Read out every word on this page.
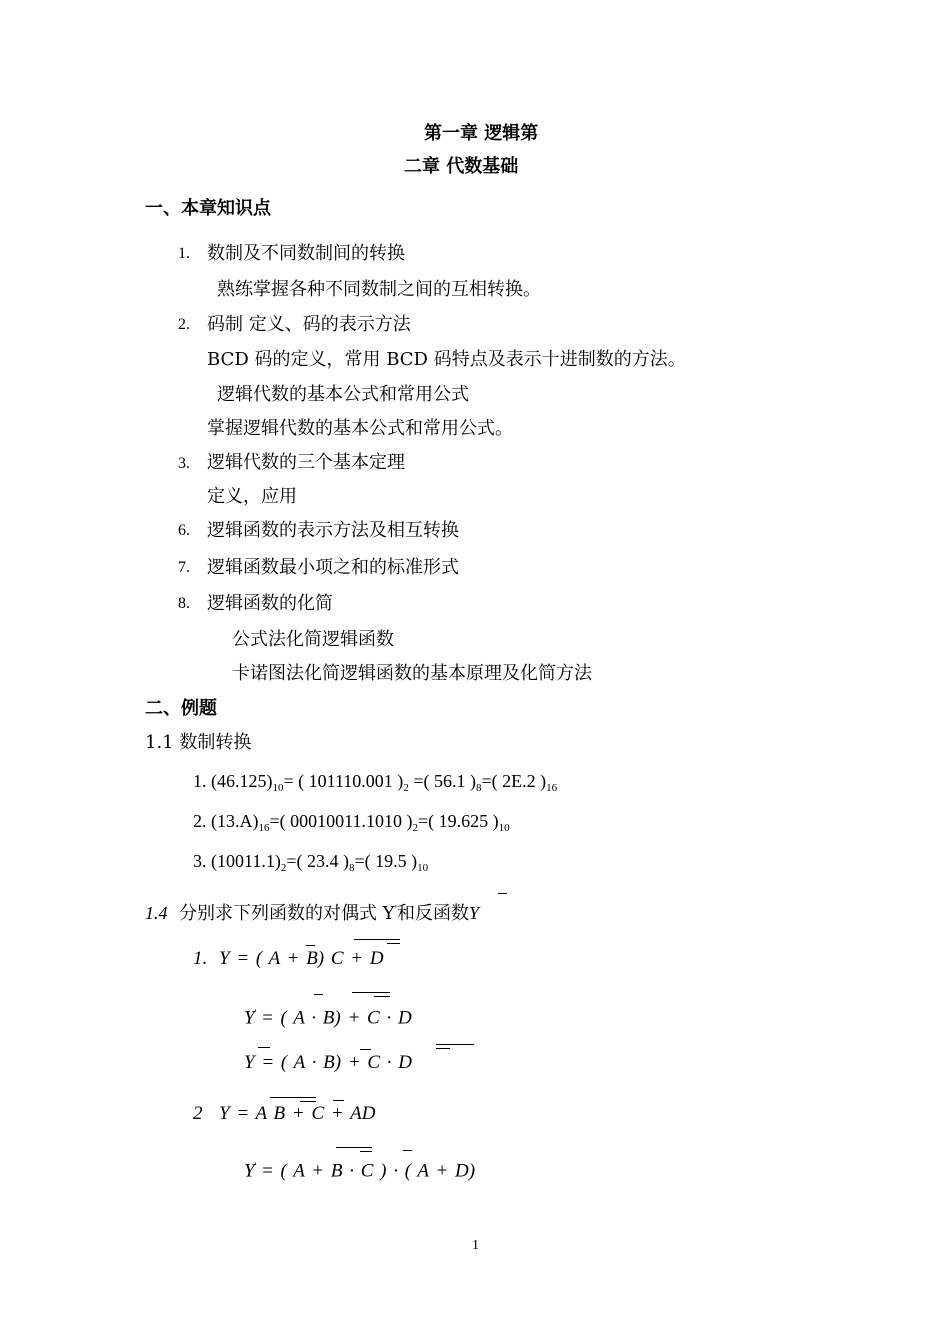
第一章 逻辑第
二章 代数基础
一、本章知识点
1. 数制及不同数制间的转换
熟练掌握各种不同数制之间的互相转换。
2. 码制 定义、码的表示方法
BCD 码的定义，常用 BCD 码特点及表示十进制数的方法。
逻辑代数的基本公式和常用公式
掌握逻辑代数的基本公式和常用公式。
3. 逻辑代数的三个基本定理
定义，应用
6. 逻辑函数的表示方法及相互转换
7. 逻辑函数最小项之和的标准形式
8. 逻辑函数的化简
公式法化简逻辑函数
卡诺图法化简逻辑函数的基本原理及化简方法
二、例题
1.1 数制转换
1. $(46.125)_{10}=$ ( 101110.001 )$_2$ =( 56.1 )$_8=$( 2E.2 )$_{16}$
2. $(13.A)_{16}=$( 00010011.1010 )$_2=$( 19.625 )$_{10}$
3. $(10011.1)_2=$( 23.4 )$_8=$( 19.5 )$_{10}$
1.4 分别求下列函数的对偶式 Y'和反函数Y
1. Y = ( A + B) C + D
Y' = ( A · B) + C · D
Y = ( A · B) + C · D
2 Y = A B + C + AD
Y' = ( A + B · C ) · ( A + D)
1
